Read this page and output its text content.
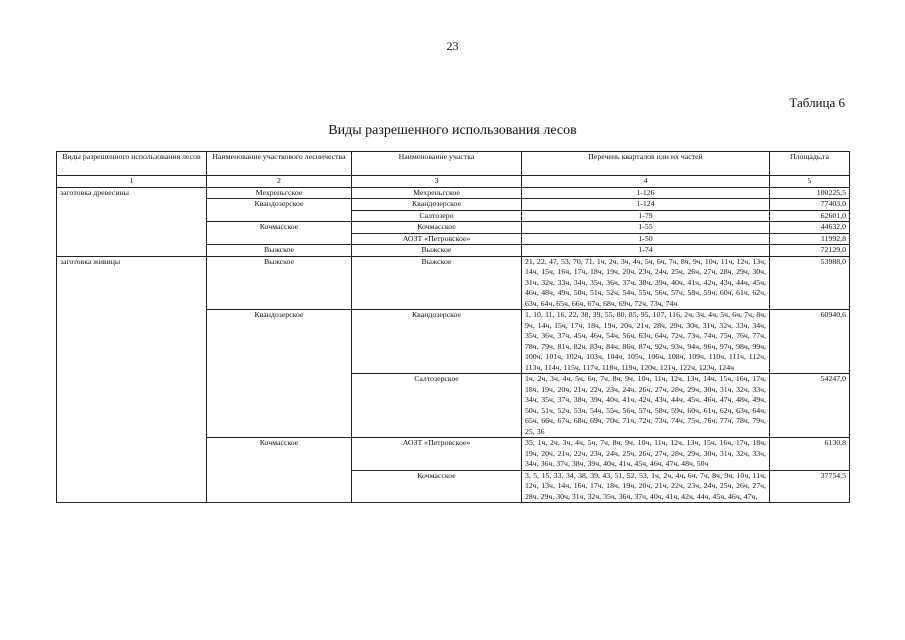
23
Таблица 6
Виды разрешенного использования лесов
Виды разрешенного использования лесов	Наименование участкового лесничества	Наименование участка	Перечень кварталов или их частей	Площадь,га
1	2	3	4	5
заготовка древесины	Мехреньгское	Мехреньгское	1-126	100225,5
	Квандозерское	Квандозерское	1-124	77403,0
		Салтозеро	1-79	62601,0
	Кочмасское	Кочмасское	1-55	44632,0
		АОЗТ «Петровское»	1-50	11992,8
	Выжское	Выжское	1-74	72129,0
заготовка живицы	Выжское	Выжское	21, 22, 47, 53, 70, 71, 1ч, 2ч, 3ч, 4ч, 5ч, 6ч, 7ч, 8ч, 9ч, 10ч, 11ч, 12ч, 13ч, 14ч, 15ч, 16ч, 17ч, 18ч, 19ч, 20ч, 23ч, 24ч, 25ч, 26ч, 27ч, 28ч, 29ч, 30ч, 31ч, 32ч, 33ч, 34ч, 35ч, 36ч, 37ч, 38ч, 39ч, 40ч, 41ч, 42ч, 43ч, 44ч, 45ч, 46ч, 48ч, 49ч, 50ч, 51ч, 52ч, 54ч, 55ч, 56ч, 57ч, 58ч, 59ч, 60ч, 61ч, 62ч, 63ч, 64ч, 65ч, 66ч, 67ч, 68ч, 69ч, 72ч, 73ч, 74ч	53988,0
	Квандозерское	Квандозерское	1, 10, 11, 16, 22, 38, 39, 55, 80, 85, 95, 107, 116, 2ч, 3ч, 4ч, 5ч, 6ч, 7ч, 8ч, 9ч, 14ч, 15ч, 17ч, 18ч, 19ч, 20ч, 21ч, 28ч, 29ч, 30ч, 31ч, 32ч, 33ч, 34ч, 35ч, 36ч, 37ч, 45ч, 46ч, 54ч, 56ч, 63ч, 64ч, 72ч, 73ч, 74ч, 75ч, 76ч, 77ч, 78ч, 79ч, 81ч, 82ч, 83ч, 84ч, 86ч, 87ч, 92ч, 93ч, 94ч, 96ч, 97ч, 98ч, 99ч, 100ч, 101ч, 102ч, 103ч, 104ч, 105ч, 106ч, 108ч, 109ч, 110ч, 111ч, 112ч, 113ч, 114ч, 115ч, 117ч, 118ч, 119ч, 120ч, 121ч, 122ч, 123ч, 124ч	60940,6
		Салтозерское	1ч, 2ч, 3ч, 4ч, 5ч, 6ч, 7ч, 8ч, 9ч, 10ч, 11ч, 12ч, 13ч, 14ч, 15ч, 16ч, 17ч, 18ч, 19ч, 20ч, 21ч, 22ч, 23ч, 24ч, 26ч, 27ч, 28ч, 29ч, 30ч, 31ч, 32ч, 33ч, 34ч, 35ч, 37ч, 38ч, 39ч, 40ч, 41ч, 42ч, 43ч, 44ч, 45ч, 46ч, 47ч, 48ч, 49ч, 50ч, 51ч, 52ч, 53ч, 54ч, 55ч, 56ч, 57ч, 58ч, 59ч, 60ч, 61ч, 62ч, 63ч, 64ч, 65ч, 66ч, 67ч, 68ч, 69ч, 70ч, 71ч, 72ч, 73ч, 74ч, 75ч, 76ч, 77ч, 78ч, 79ч, 25, 36	54247,0
	Кочмасское	АОЗТ «Петровское»	35, 1ч, 2ч, 3ч, 4ч, 5ч, 7ч, 8ч, 9ч, 10ч, 11ч, 12ч, 13ч, 15ч, 16ч, 17ч, 18ч, 19ч, 20ч, 21ч, 22ч, 23ч, 24ч, 25ч, 26ч, 27ч, 28ч, 29ч, 30ч, 31ч, 32ч, 33ч, 34ч, 36ч, 37ч, 38ч, 39ч, 40ч, 41ч, 45ч, 46ч, 47ч, 48ч, 50ч	6130,8
		Кочмасское	3, 5, 15, 33, 34, 38, 39, 43, 51, 52, 53, 1ч, 2ч, 4ч, 6ч, 7ч, 8ч, 9ч, 10ч, 11ч, 12ч, 13ч, 14ч, 16ч, 17ч, 18ч, 19ч, 20ч, 21ч, 22ч, 23ч, 24ч, 25ч, 26ч, 27ч, 28ч, 29ч, 30ч, 31ч, 32ч, 35ч, 36ч, 37ч, 40ч, 41ч, 42ч, 44ч, 45ч, 46ч, 47ч,	37754,5
